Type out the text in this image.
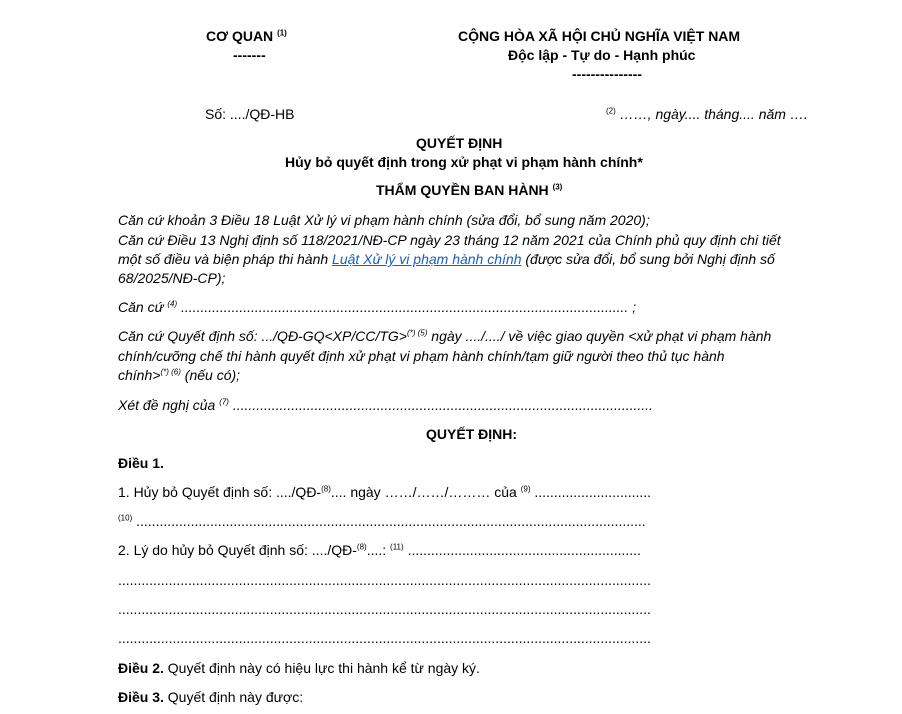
CƠ QUAN $^{(1)}$
-------
CỘNG HÒA XÃ HỘI CHỦ NGHĨA VIỆT NAM
Độc lập - Tự do - Hạnh phúc
---------------
Số: ..../QĐ-HB	$^{(2)}$ ……, ngày.... tháng.... năm ….
QUYẾT ĐỊNH
Hủy bỏ quyết định trong xử phạt vi phạm hành chính*
THẨM QUYỀN BAN HÀNH $^{(3)}$
Căn cứ khoản 3 Điều 18 Luật Xử lý vi phạm hành chính (sửa đổi, bổ sung năm 2020);
Căn cứ Điều 13 Nghị định số 118/2021/NĐ-CP ngày 23 tháng 12 năm 2021 của Chính phủ quy định chi tiết
một số điều và biện pháp thi hành Luật Xử lý vi phạm hành chính (được sửa đổi, bổ sung bởi Nghị định số
68/2025/NĐ-CP);
Căn cứ $^{(4)}$ ................................................................................................................... ;
Căn cứ Quyết định số: .../QĐ-GQ<XP/CC/TG>$^{(*) (5)}$ ngày ..../..../ về việc giao quyền <xử phạt vi phạm hành
chính/cưỡng chế thi hành quyết định xử phạt vi phạm hành chính/tạm giữ người theo thủ tục hành
chính>$^{(*) (6)}$ (nếu có);
Xét đề nghị của $^{(7)}$ ............................................................................................................
QUYẾT ĐỊNH:
Điều 1.
1. Hủy bỏ Quyết định số: ..../QĐ-$^{(8)}$.... ngày ……/……/……… của $^{(9)}$ ..............................
$^{(10)}$ ...................................................................................................................................
2. Lý do hủy bỏ Quyết định số: ..../QĐ-$^{(8)}$....: $^{(11)}$ ............................................................
.........................................................................................................................................
.........................................................................................................................................
.........................................................................................................................................
Điều 2. Quyết định này có hiệu lực thi hành kể từ ngày ký.
Điều 3. Quyết định này được:
